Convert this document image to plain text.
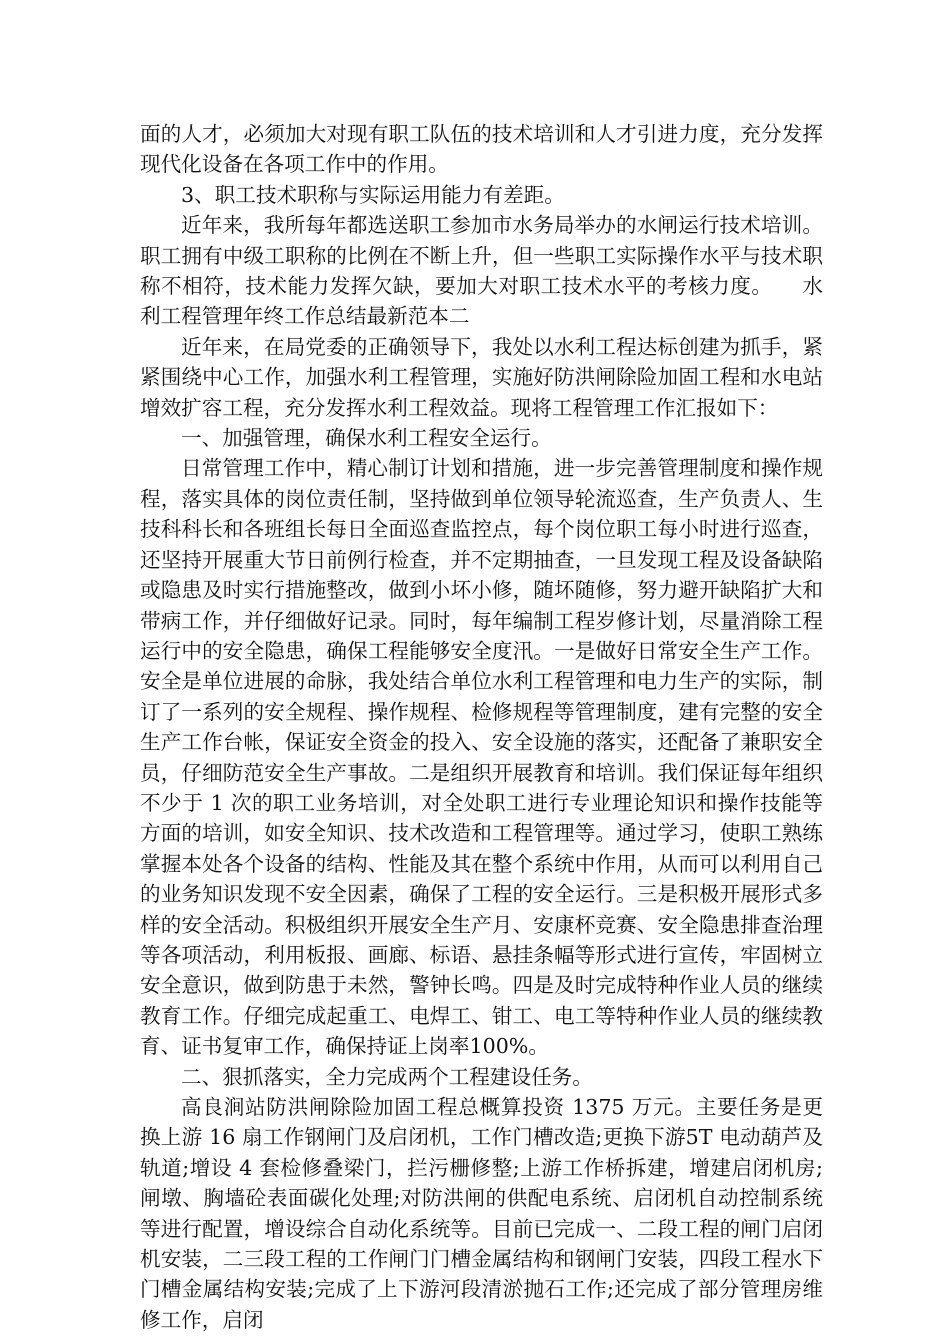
面的人才，必须加大对现有职工队伍的技术培训和人才引进力度，充分发挥现代化设备在各项工作中的作用。

3、职工技术职称与实际运用能力有差距。

近年来，我所每年都选送职工参加市水务局举办的水闸运行技术培训。职工拥有中级工职称的比例在不断上升，但一些职工实际操作水平与技术职称不相符，技术能力发挥欠缺，要加大对职工技术水平的考核力度。 水利工程管理年终工作总结最新范本二

近年来，在局党委的正确领导下，我处以水利工程达标创建为抓手，紧紧围绕中心工作，加强水利工程管理，实施好防洪闸除险加固工程和水电站增效扩容工程，充分发挥水利工程效益。现将工程管理工作汇报如下：

一、加强管理，确保水利工程安全运行。

日常管理工作中，精心制订计划和措施，进一步完善管理制度和操作规程，落实具体的岗位责任制，坚持做到单位领导轮流巡查，生产负责人、生技科科长和各班组长每日全面巡查监控点，每个岗位职工每小时进行巡查，还坚持开展重大节日前例行检查，并不定期抽查，一旦发现工程及设备缺陷或隐患及时实行措施整改，做到小坏小修，随坏随修，努力避开缺陷扩大和带病工作，并仔细做好记录。同时，每年编制工程岁修计划，尽量消除工程运行中的安全隐患，确保工程能够安全度汛。一是做好日常安全生产工作。安全是单位进展的命脉，我处结合单位水利工程管理和电力生产的实际，制订了一系列的安全规程、操作规程、检修规程等管理制度，建有完整的安全生产工作台帐，保证安全资金的投入、安全设施的落实，还配备了兼职安全员，仔细防范安全生产事故。二是组织开展教育和培训。我们保证每年组织不少于 1 次的职工业务培训，对全处职工进行专业理论知识和操作技能等方面的培训，如安全知识、技术改造和工程管理等。通过学习，使职工熟练掌握本处各个设备的结构、性能及其在整个系统中作用，从而可以利用自己的业务知识发现不安全因素，确保了工程的安全运行。三是积极开展形式多样的安全活动。积极组织开展安全生产月、安康杯竞赛、安全隐患排查治理等各项活动，利用板报、画廊、标语、悬挂条幅等形式进行宣传，牢固树立安全意识，做到防患于未然，警钟长鸣。四是及时完成特种作业人员的继续教育工作。仔细完成起重工、电焊工、钳工、电工等特种作业人员的继续教育、证书复审工作，确保持证上岗率100%。

二、狠抓落实，全力完成两个工程建设任务。

高良涧站防洪闸除险加固工程总概算投资 1375 万元。主要任务是更换上游 16 扇工作钢闸门及启闭机，工作门槽改造;更换下游5T 电动葫芦及轨道;增设 4 套检修叠梁门，拦污栅修整;上游工作桥拆建，增建启闭机房;闸墩、胸墙砼表面碳化处理;对防洪闸的供配电系统、启闭机自动控制系统等进行配置，增设综合自动化系统等。目前已完成一、二段工程的闸门启闭机安装，二三段工程的工作闸门门槽金属结构和钢闸门安装，四段工程水下门槽金属结构安装;完成了上下游河段清淤抛石工作;还完成了部分管理房维修工作，启闭
